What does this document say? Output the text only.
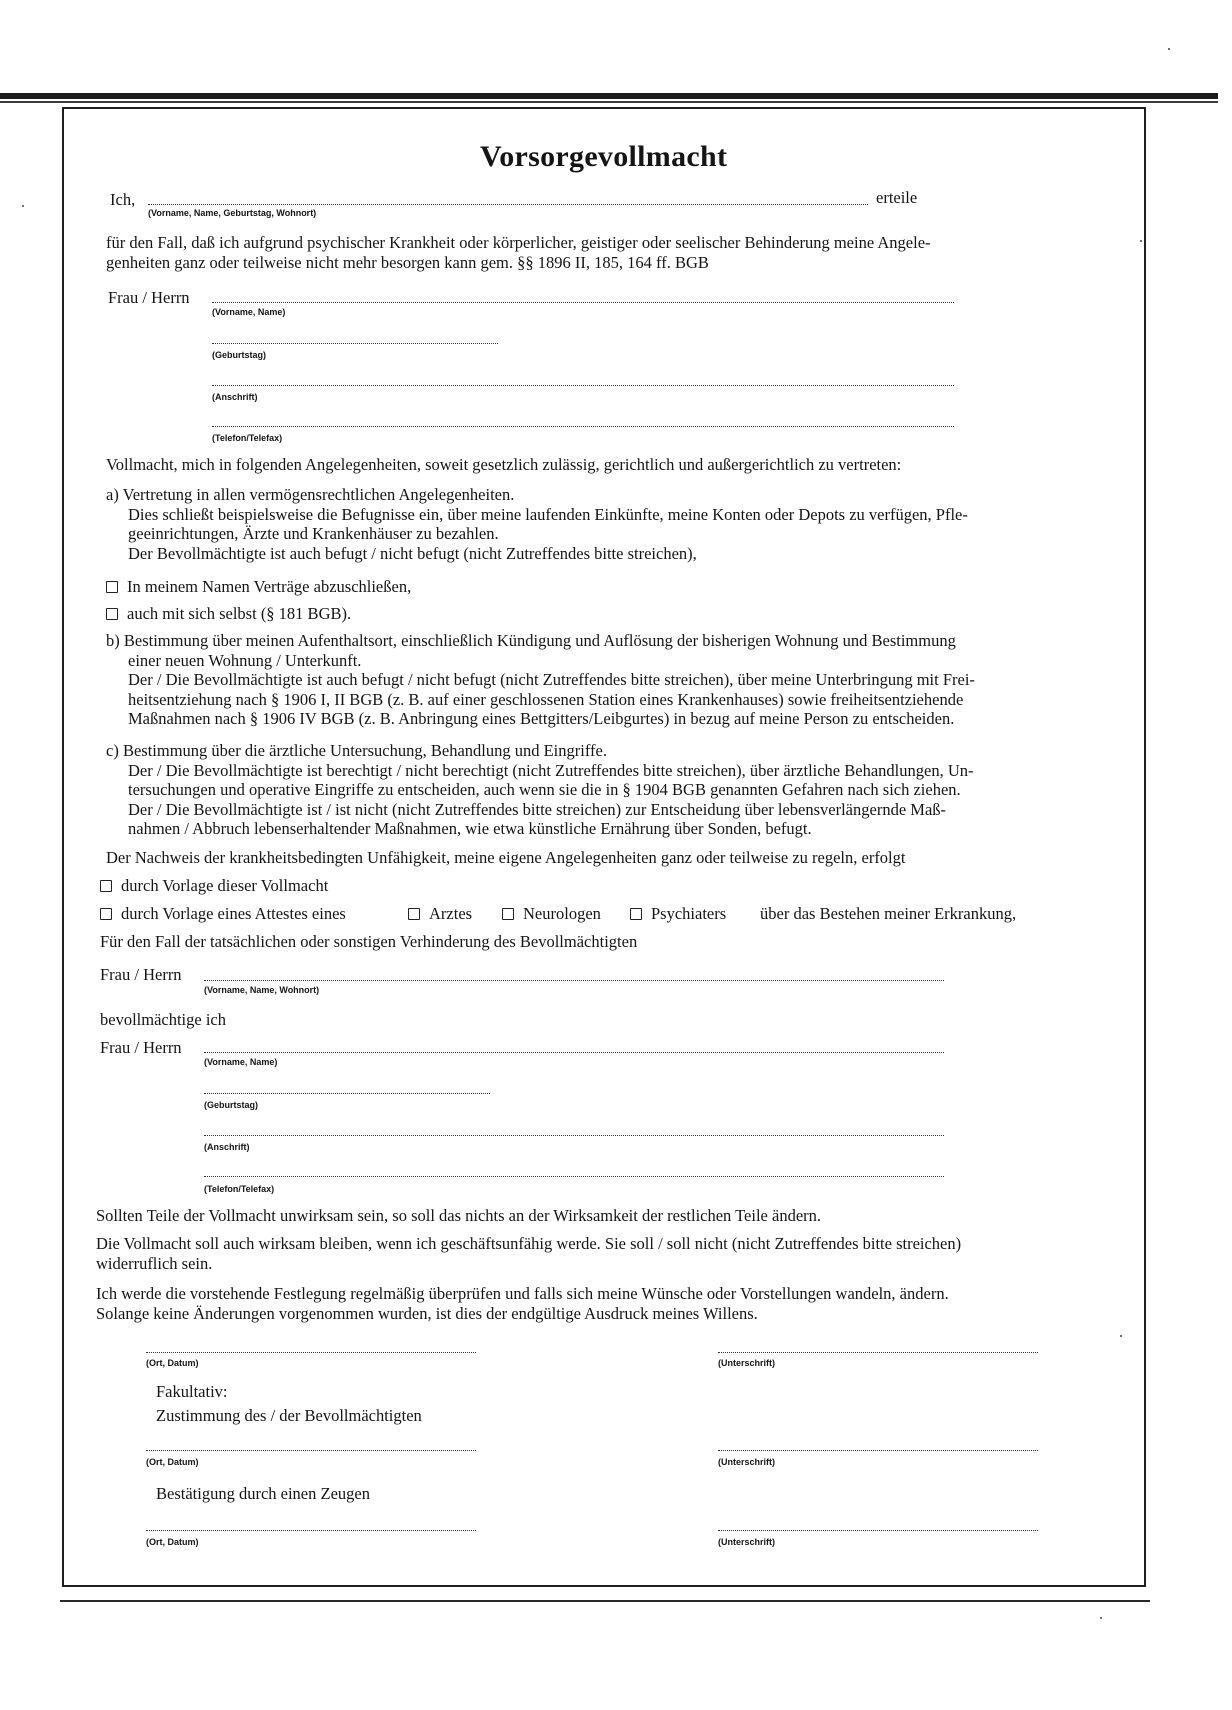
Vorsorgevollmacht
Ich,	erteile
(Vorname, Name, Geburtstag, Wohnort)
für den Fall, daß ich aufgrund psychischer Krankheit oder körperlicher, geistiger oder seelischer Behinderung meine Angele-
genheiten ganz oder teilweise nicht mehr besorgen kann gem. §§ 1896 II, 185, 164 ff. BGB
Frau / Herrn
(Vorname, Name)
(Geburtstag)
(Anschrift)
(Telefon/Telefax)
Vollmacht, mich in folgenden Angelegenheiten, soweit gesetzlich zulässig, gerichtlich und außergerichtlich zu vertreten:
a) Vertretung in allen vermögensrechtlichen Angelegenheiten.
Dies schließt beispielsweise die Befugnisse ein, über meine laufenden Einkünfte, meine Konten oder Depots zu verfügen, Pfle-
geeinrichtungen, Ärzte und Krankenhäuser zu bezahlen.
Der Bevollmächtigte ist auch befugt / nicht befugt (nicht Zutreffendes bitte streichen),
In meinem Namen Verträge abzuschließen,
auch mit sich selbst (§ 181 BGB).
b) Bestimmung über meinen Aufenthaltsort, einschließlich Kündigung und Auflösung der bisherigen Wohnung und Bestimmung
einer neuen Wohnung / Unterkunft.
Der / Die Bevollmächtigte ist auch befugt / nicht befugt (nicht Zutreffendes bitte streichen), über meine Unterbringung mit Frei-
heitsentziehung nach § 1906 I, II BGB (z. B. auf einer geschlossenen Station eines Krankenhauses) sowie freiheitsentziehende
Maßnahmen nach § 1906 IV BGB (z. B. Anbringung eines Bettgitters/Leibgurtes) in bezug auf meine Person zu entscheiden.
c) Bestimmung über die ärztliche Untersuchung, Behandlung und Eingriffe.
Der / Die Bevollmächtigte ist berechtigt / nicht berechtigt (nicht Zutreffendes bitte streichen), über ärztliche Behandlungen, Un-
tersuchungen und operative Eingriffe zu entscheiden, auch wenn sie die in § 1904 BGB genannten Gefahren nach sich ziehen.
Der / Die Bevollmächtigte ist / ist nicht (nicht Zutreffendes bitte streichen) zur Entscheidung über lebensverlängernde Maß-
nahmen / Abbruch lebenserhaltender Maßnahmen, wie etwa künstliche Ernährung über Sonden, befugt.
Der Nachweis der krankheitsbedingten Unfähigkeit, meine eigene Angelegenheiten ganz oder teilweise zu regeln, erfolgt
durch Vorlage dieser Vollmacht
durch Vorlage eines Attestes eines	Arztes	Neurologen	Psychiaters über das Bestehen meiner Erkrankung,
Für den Fall der tatsächlichen oder sonstigen Verhinderung des Bevollmächtigten
Frau / Herrn
(Vorname, Name, Wohnort)
bevollmächtige ich
Frau / Herrn
(Vorname, Name)
(Geburtstag)
(Anschrift)
(Telefon/Telefax)
Sollten Teile der Vollmacht unwirksam sein, so soll das nichts an der Wirksamkeit der restlichen Teile ändern.
Die Vollmacht soll auch wirksam bleiben, wenn ich geschäftsunfähig werde. Sie soll / soll nicht (nicht Zutreffendes bitte streichen)
widerruflich sein.
Ich werde die vorstehende Festlegung regelmäßig überprüfen und falls sich meine Wünsche oder Vorstellungen wandeln, ändern.
Solange keine Änderungen vorgenommen wurden, ist dies der endgültige Ausdruck meines Willens.
(Ort, Datum)	(Unterschrift)
Fakultativ:
Zustimmung des / der Bevollmächtigten
(Ort, Datum)	(Unterschrift)
Bestätigung durch einen Zeugen
(Ort, Datum)	(Unterschrift)
